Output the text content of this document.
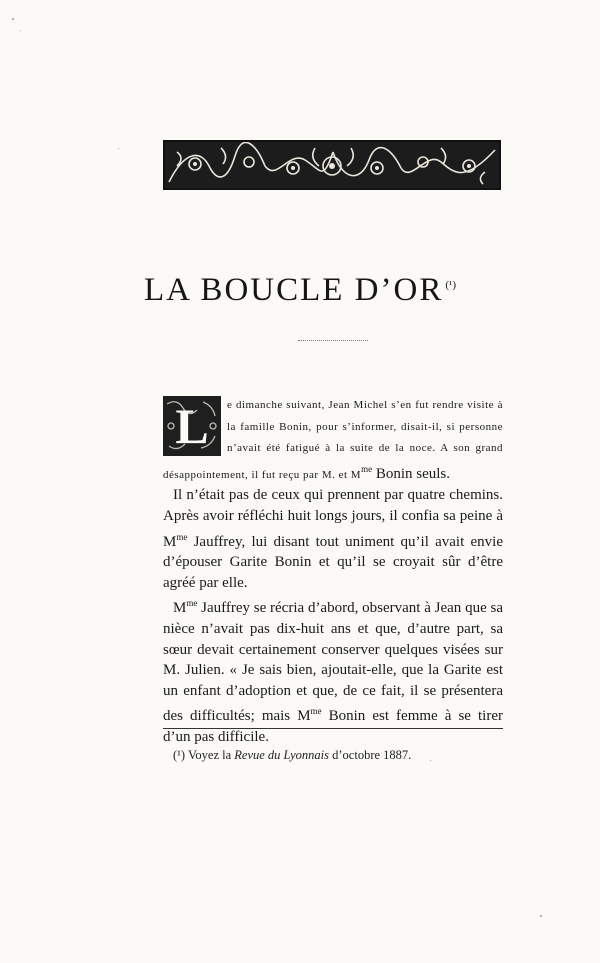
LA BOUCLE D’OR $^{(^1)}$

L	e dimanche suivant, Jean Michel s’en fut rendre visite à la famille Bonin, pour s’informer, disait-il, si personne n’avait été fatigué à la suite de la noce. A son grand désappointement, il fut reçu par M. et $M^{me}$ Bonin seuls.

Il n’était pas de ceux qui prennent par quatre chemins. Après avoir réfléchi huit longs jours, il confia sa peine à $M^{me}$ Jauffrey, lui disant tout uniment qu’il avait envie d’épouser Garite Bonin et qu’il se croyait sûr d’être agréé par elle.

$M^{me}$ Jauffrey se récria d’abord, observant à Jean que sa nièce n’avait pas dix-huit ans et que, d’autre part, sa sœur devait certainement conserver quelques visées sur M. Julien. « Je sais bien, ajoutait-elle, que la Garite est un enfant d’adoption et que, de ce fait, il se présentera des difficultés; mais $M^{me}$ Bonin est femme à se tirer d’un pas difficile.

(¹) Voyez la Revue du Lyonnais d’octobre 1887.
